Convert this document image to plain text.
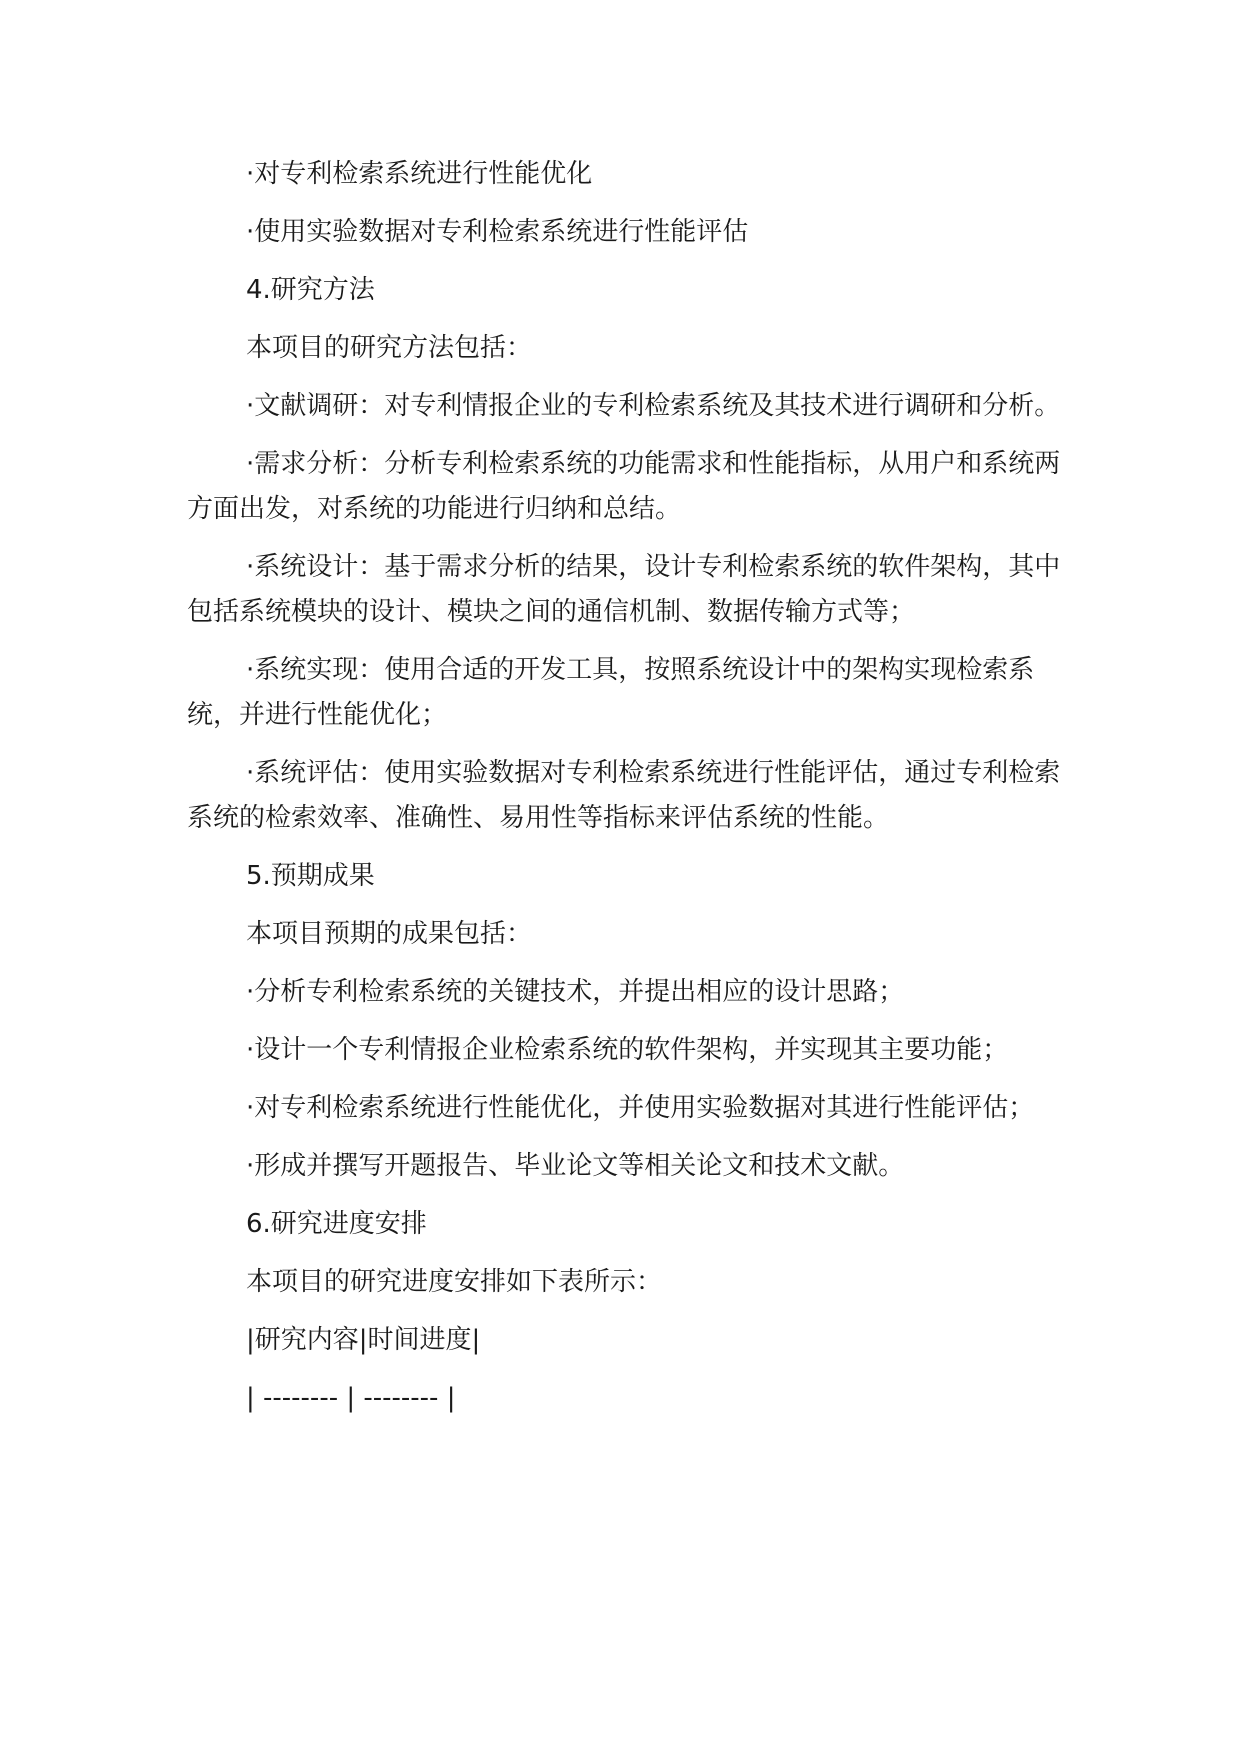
·对专利检索系统进行性能优化

·使用实验数据对专利检索系统进行性能评估

4.研究方法

本项目的研究方法包括：

·文献调研：对专利情报企业的专利检索系统及其技术进行调研和分析。

·需求分析：分析专利检索系统的功能需求和性能指标，从用户和系统两方面出发，对系统的功能进行归纳和总结。

·系统设计：基于需求分析的结果，设计专利检索系统的软件架构，其中包括系统模块的设计、模块之间的通信机制、数据传输方式等；

·系统实现：使用合适的开发工具，按照系统设计中的架构实现检索系统，并进行性能优化；

·系统评估：使用实验数据对专利检索系统进行性能评估，通过专利检索系统的检索效率、准确性、易用性等指标来评估系统的性能。

5.预期成果

本项目预期的成果包括：

·分析专利检索系统的关键技术，并提出相应的设计思路；

·设计一个专利情报企业检索系统的软件架构，并实现其主要功能；

·对专利检索系统进行性能优化，并使用实验数据对其进行性能评估；

·形成并撰写开题报告、毕业论文等相关论文和技术文献。

6.研究进度安排

本项目的研究进度安排如下表所示：

|研究内容|时间进度|

| -------- | -------- |
